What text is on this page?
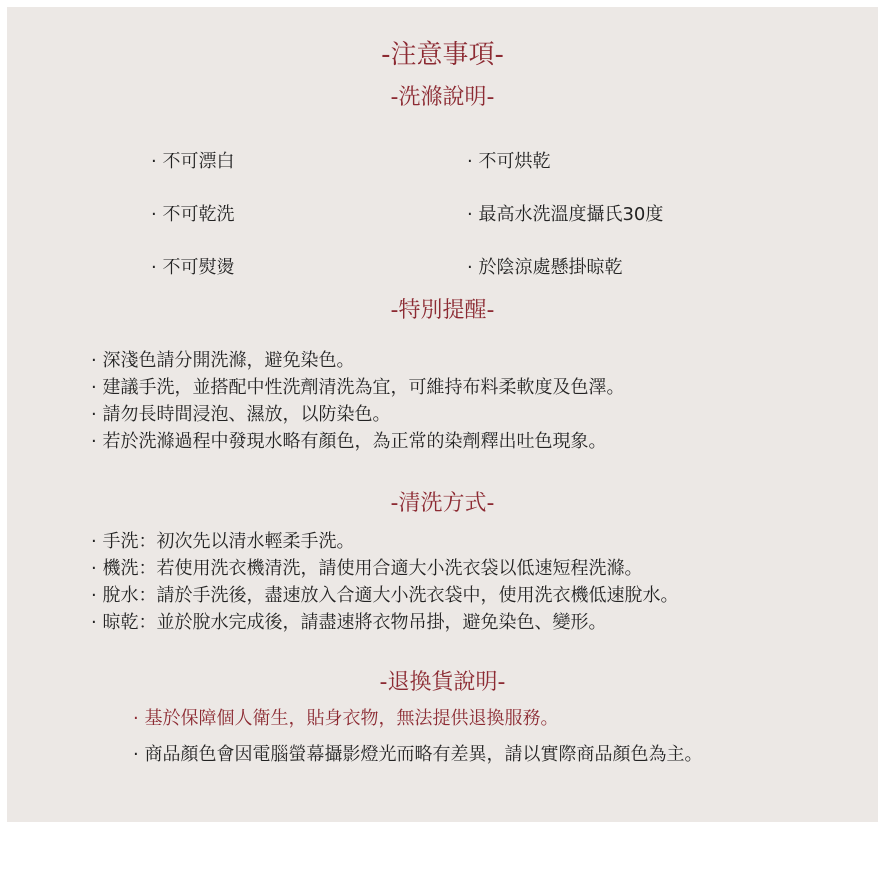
-注意事項-
-洗滌說明-
· 不可漂白
· 不可乾洗
· 不可熨燙
· 不可烘乾
· 最高水洗溫度攝氏30度
· 於陰涼處懸掛晾乾
-特別提醒-
· 深淺色請分開洗滌，避免染色。
· 建議手洗，並搭配中性洗劑清洗為宜，可維持布料柔軟度及色澤。
· 請勿長時間浸泡、濕放，以防染色。
· 若於洗滌過程中發現水略有顏色，為正常的染劑釋出吐色現象。
-清洗方式-
· 手洗：初次先以清水輕柔手洗。
· 機洗：若使用洗衣機清洗，請使用合適大小洗衣袋以低速短程洗滌。
· 脫水：請於手洗後，盡速放入合適大小洗衣袋中，使用洗衣機低速脫水。
· 晾乾：並於脫水完成後，請盡速將衣物吊掛，避免染色、變形。
-退換貨說明-
· 基於保障個人衛生，貼身衣物，無法提供退換服務。
· 商品顏色會因電腦螢幕攝影燈光而略有差異，請以實際商品顏色為主。
